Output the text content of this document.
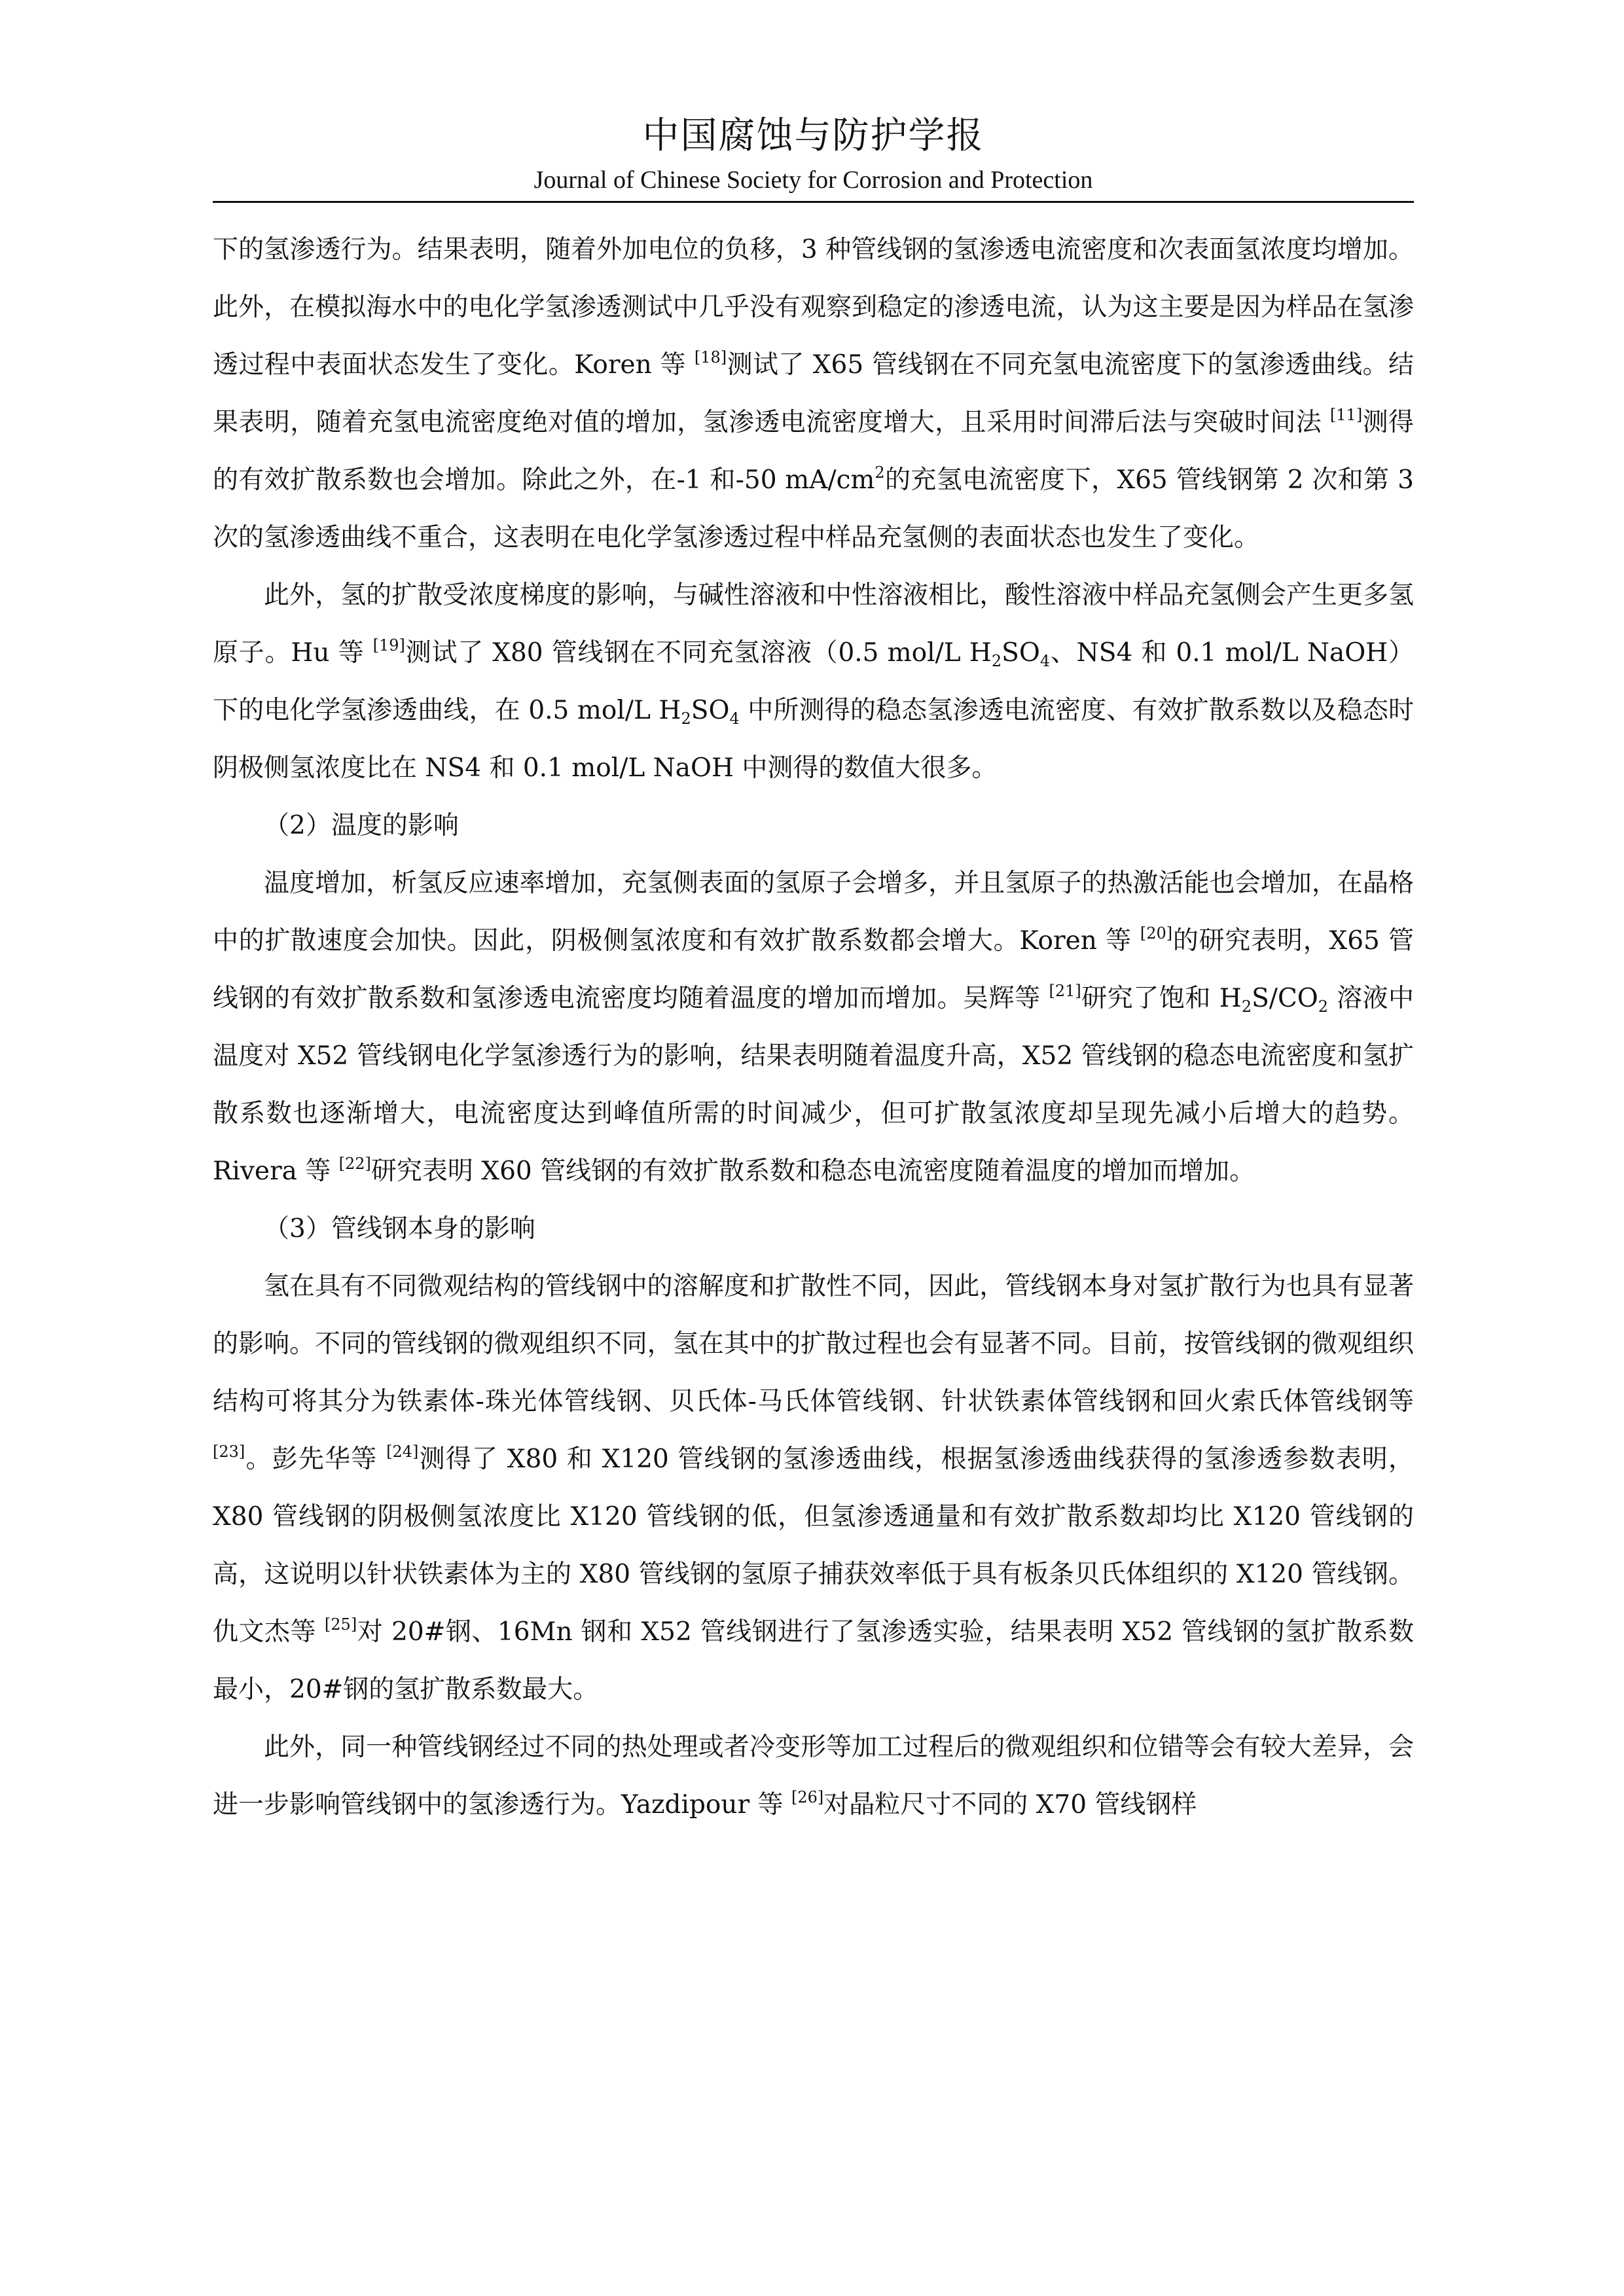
中国腐蚀与防护学报
Journal of Chinese Society for Corrosion and Protection

下的氢渗透行为。结果表明，随着外加电位的负移，3 种管线钢的氢渗透电流密度和次表面氢浓度均增加。此外，在模拟海水中的电化学氢渗透测试中几乎没有观察到稳定的渗透电流，认为这主要是因为样品在氢渗透过程中表面状态发生了变化。Koren 等 [18]测试了 X65 管线钢在不同充氢电流密度下的氢渗透曲线。结果表明，随着充氢电流密度绝对值的增加，氢渗透电流密度增大，且采用时间滞后法与突破时间法 [11]测得的有效扩散系数也会增加。除此之外，在-1 和-50 $mA/cm^2$的充氢电流密度下，X65 管线钢第 2 次和第 3 次的氢渗透曲线不重合，这表明在电化学氢渗透过程中样品充氢侧的表面状态也发生了变化。

此外，氢的扩散受浓度梯度的影响，与碱性溶液和中性溶液相比，酸性溶液中样品充氢侧会产生更多氢原子。Hu 等 [19]测试了 X80 管线钢在不同充氢溶液（0.5 mol/L $H_2SO_4$、NS4 和 0.1 mol/L NaOH）下的电化学氢渗透曲线，在 0.5 mol/L $H_2SO_4$ 中所测得的稳态氢渗透电流密度、有效扩散系数以及稳态时阴极侧氢浓度比在 NS4 和 0.1 mol/L NaOH 中测得的数值大很多。

（2）温度的影响

温度增加，析氢反应速率增加，充氢侧表面的氢原子会增多，并且氢原子的热激活能也会增加，在晶格中的扩散速度会加快。因此，阴极侧氢浓度和有效扩散系数都会增大。Koren 等 [20]的研究表明，X65 管线钢的有效扩散系数和氢渗透电流密度均随着温度的增加而增加。吴辉等 [21]研究了饱和 $H_2S/CO_2$ 溶液中温度对 X52 管线钢电化学氢渗透行为的影响，结果表明随着温度升高，X52 管线钢的稳态电流密度和氢扩散系数也逐渐增大，电流密度达到峰值所需的时间减少，但可扩散氢浓度却呈现先减小后增大的趋势。Rivera 等 [22]研究表明 X60 管线钢的有效扩散系数和稳态电流密度随着温度的增加而增加。

（3）管线钢本身的影响

氢在具有不同微观结构的管线钢中的溶解度和扩散性不同，因此，管线钢本身对氢扩散行为也具有显著的影响。不同的管线钢的微观组织不同，氢在其中的扩散过程也会有显著不同。目前，按管线钢的微观组织结构可将其分为铁素体-珠光体管线钢、贝氏体-马氏体管线钢、针状铁素体管线钢和回火索氏体管线钢等 [23]。彭先华等 [24]测得了 X80 和 X120 管线钢的氢渗透曲线，根据氢渗透曲线获得的氢渗透参数表明，X80 管线钢的阴极侧氢浓度比 X120 管线钢的低，但氢渗透通量和有效扩散系数却均比 X120 管线钢的高，这说明以针状铁素体为主的 X80 管线钢的氢原子捕获效率低于具有板条贝氏体组织的 X120 管线钢。仇文杰等 [25]对 20#钢、16Mn 钢和 X52 管线钢进行了氢渗透实验，结果表明 X52 管线钢的氢扩散系数最小，20#钢的氢扩散系数最大。

此外，同一种管线钢经过不同的热处理或者冷变形等加工过程后的微观组织和位错等会有较大差异，会进一步影响管线钢中的氢渗透行为。Yazdipour 等 [26]对晶粒尺寸不同的 X70 管线钢样
